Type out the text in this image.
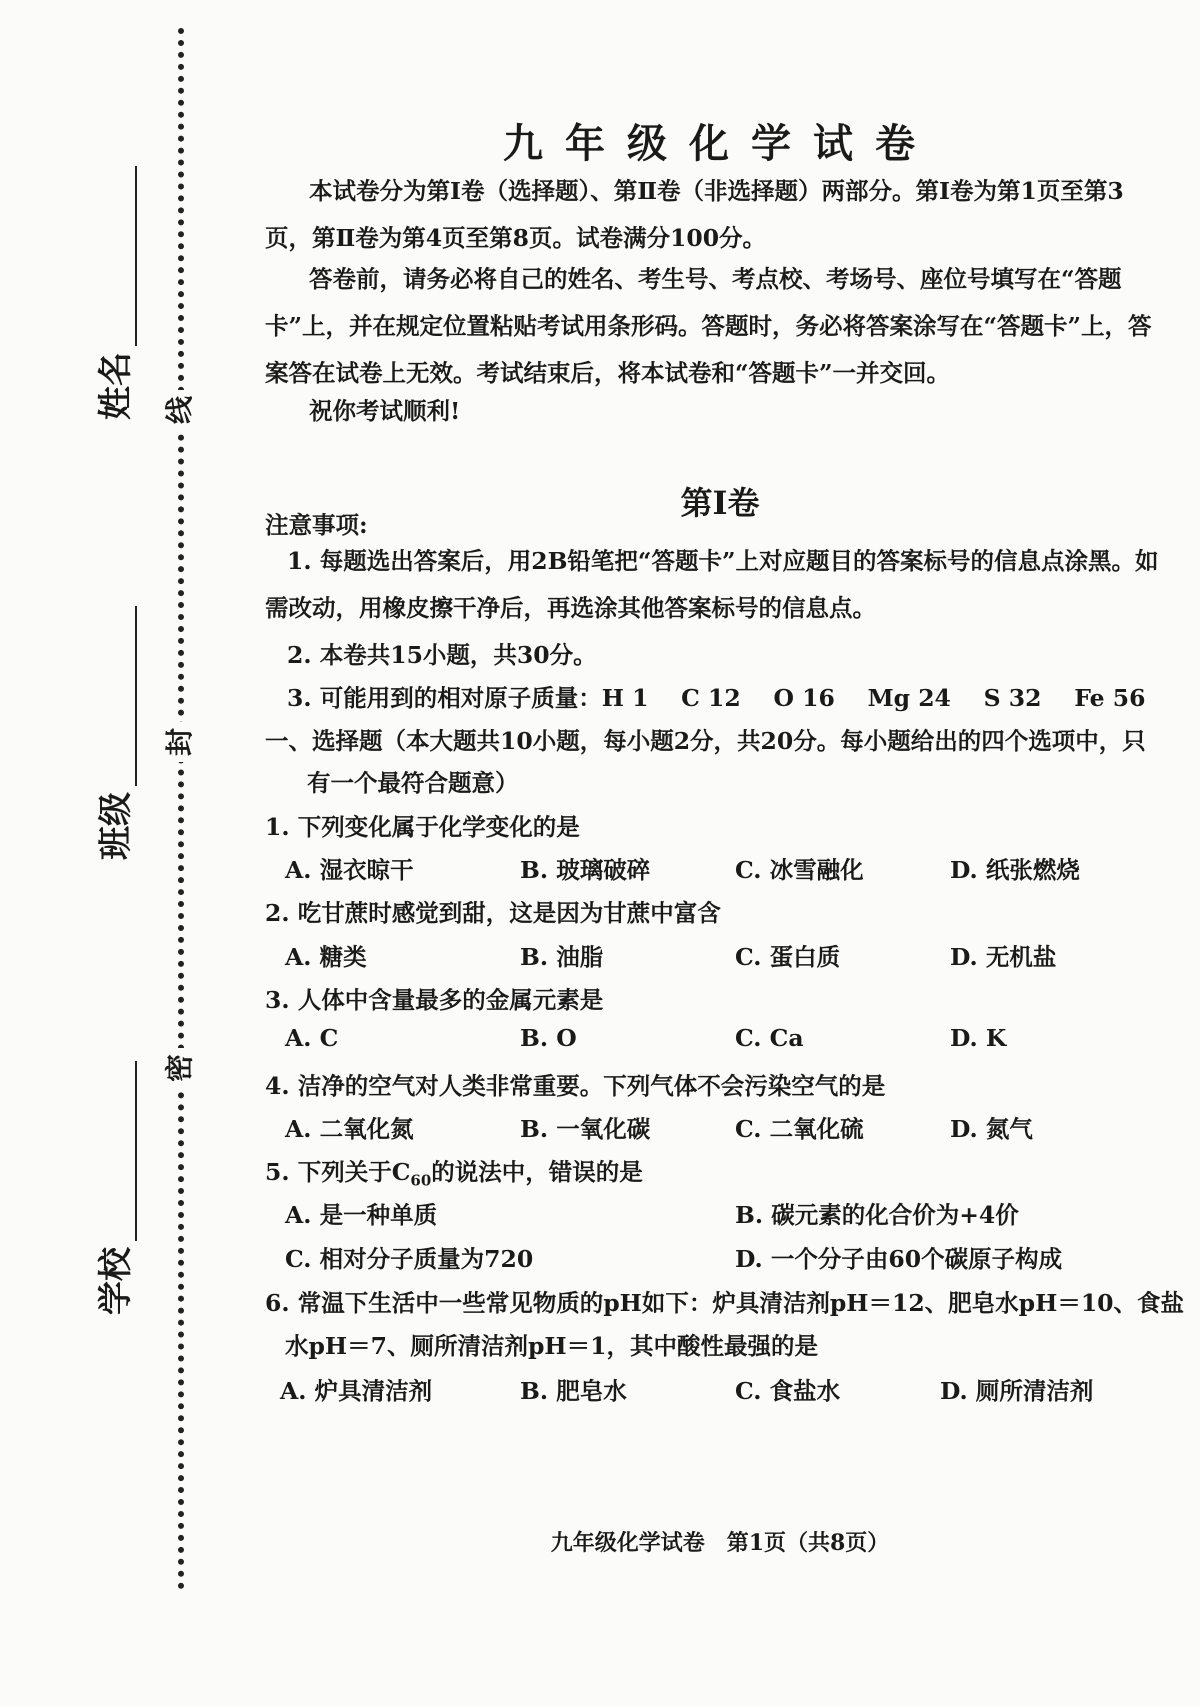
线
封
密
姓名
班级
学校
九年级化学试卷

本试卷分为第Ⅰ卷（选择题）、第Ⅱ卷（非选择题）两部分。第Ⅰ卷为第1页至第3页，第Ⅱ卷为第4页至第8页。试卷满分100分。

答卷前，请务必将自己的姓名、考生号、考点校、考场号、座位号填写在“答题卡”上，并在规定位置粘贴考试用条形码。答题时，务必将答案涂写在“答题卡”上，答案答在试卷上无效。考试结束后，将本试卷和“答题卡”一并交回。

祝你考试顺利!

第Ⅰ卷
注意事项:

1. 每题选出答案后，用2B铅笔把“答题卡”上对应题目的答案标号的信息点涂黑。如需改动，用橡皮擦干净后，再选涂其他答案标号的信息点。

2. 本卷共15小题，共30分。
3. 可能用到的相对原子质量：H 1    C 12    O 16    Mg 24    S 32    Fe 56
一、选择题（本大题共10小题，每小题2分，共20分。每小题给出的四个选项中，只
有一个最符合题意）
1. 下列变化属于化学变化的是
A. 湿衣晾干	B. 玻璃破碎	C. 冰雪融化	D. 纸张燃烧
2. 吃甘蔗时感觉到甜，这是因为甘蔗中富含
A. 糖类	B. 油脂	C. 蛋白质	D. 无机盐
3. 人体中含量最多的金属元素是
A. C	B. O	C. Ca	D. K
4. 洁净的空气对人类非常重要。下列气体不会污染空气的是
A. 二氧化氮	B. 一氧化碳	C. 二氧化硫	D. 氮气
5. 下列关于$C_{60}$的说法中，错误的是
A. 是一种单质	B. 碳元素的化合价为+4价
C. 相对分子质量为720	D. 一个分子由60个碳原子构成
6. 常温下生活中一些常见物质的pH如下：炉具清洁剂pH＝12、肥皂水pH＝10、食盐
水pH＝7、厕所清洁剂pH＝1，其中酸性最强的是
A. 炉具清洁剂	B. 肥皂水	C. 食盐水	D. 厕所清洁剂
九年级化学试卷　第1页（共8页）
